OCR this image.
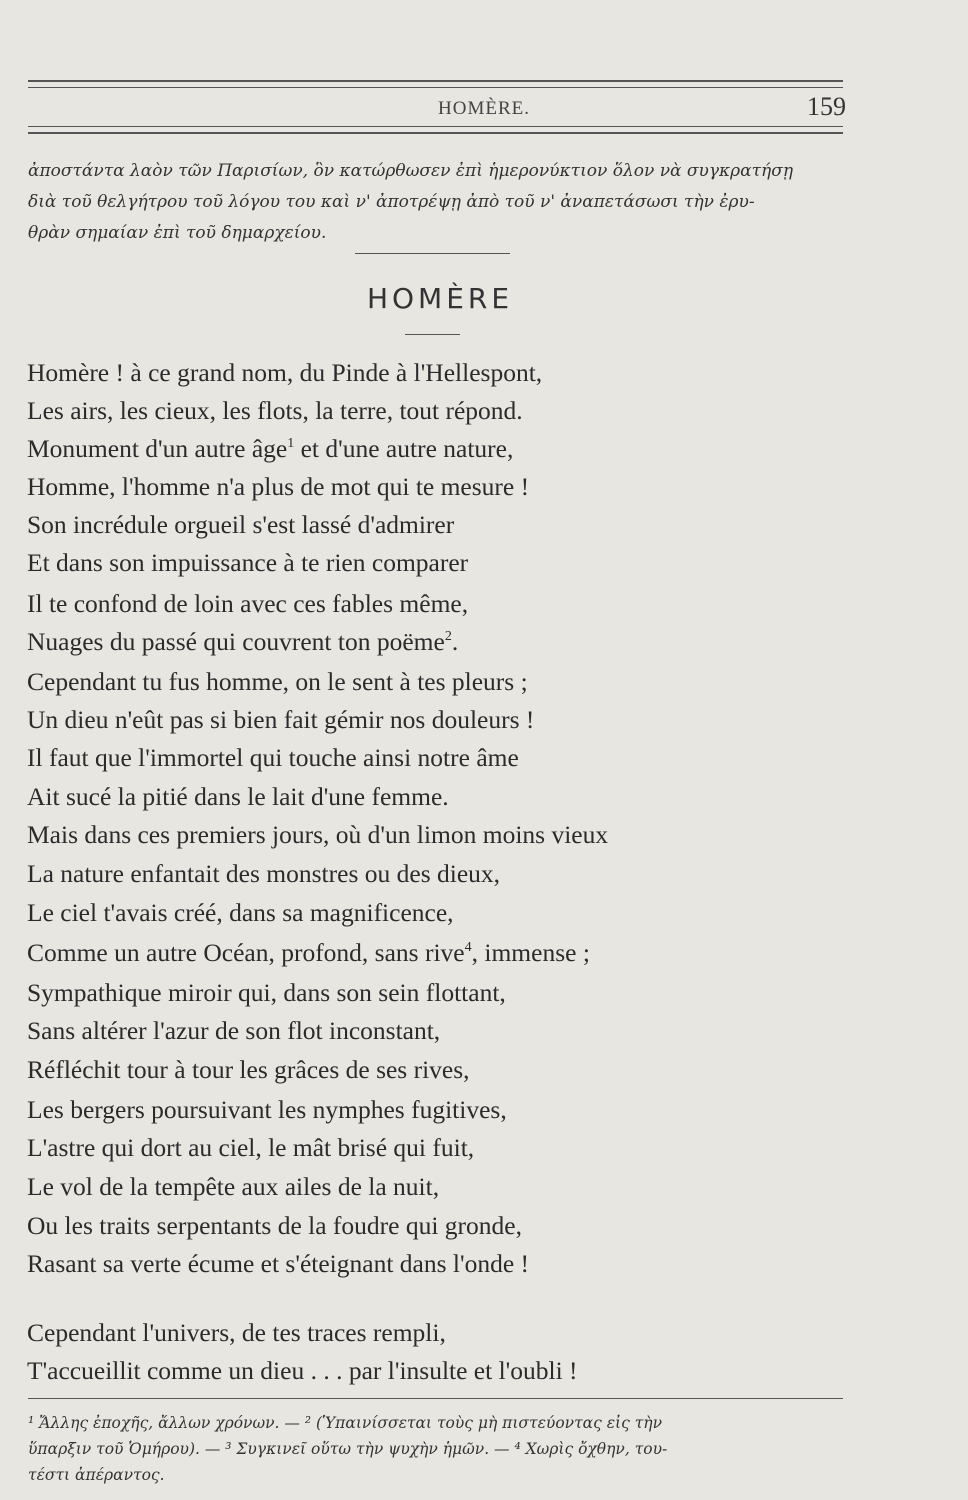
HOMÈRE.	159
ἀποστάντα λαὸν τῶν Παρισίων, ὃν κατώρθωσεν ἐπὶ ἡμερονύκτιον ὅλον νὰ συγκρατήσῃ
διὰ τοῦ θελγήτρου τοῦ λόγου του καὶ ν' ἀποτρέψῃ ἀπὸ τοῦ ν' ἀναπετάσωσι τὴν ἐρυ-
θρὰν σημαίαν ἐπὶ τοῦ δημαρχείου.
HOMÈRE
Homère ! à ce grand nom, du Pinde à l'Hellespont,
Les airs, les cieux, les flots, la terre, tout répond.
Monument d'un autre âge$^1$ et d'une autre nature,
Homme, l'homme n'a plus de mot qui te mesure !
Son incrédule orgueil s'est lassé d'admirer
Et dans son impuissance à te rien comparer
Il te confond de loin avec ces fables même,
Nuages du passé qui couvrent ton poëme$^2$.
Cependant tu fus homme, on le sent à tes pleurs ;
Un dieu n'eût pas si bien fait gémir nos douleurs !
Il faut que l'immortel qui touche ainsi notre âme
Ait sucé la pitié dans le lait d'une femme.
Mais dans ces premiers jours, où d'un limon moins vieux
La nature enfantait des monstres ou des dieux,
Le ciel t'avais créé, dans sa magnificence,
Comme un autre Océan, profond, sans rive$^4$, immense ;
Sympathique miroir qui, dans son sein flottant,
Sans altérer l'azur de son flot inconstant,
Réfléchit tour à tour les grâces de ses rives,
Les bergers poursuivant les nymphes fugitives,
L'astre qui dort au ciel, le mât brisé qui fuit,
Le vol de la tempête aux ailes de la nuit,
Ou les traits serpentants de la foudre qui gronde,
Rasant sa verte écume et s'éteignant dans l'onde !
Cependant l'univers, de tes traces rempli,
T'accueillit comme un dieu . . . par l'insulte et l'oubli !
¹ Ἄλλης ἐποχῆς, ἄλλων χρόνων. — ² (Ὑπαινίσσεται τοὺς μὴ πιστεύοντας εἰς τὴν
ὕπαρξιν τοῦ Ὁμήρου). — ³ Συγκινεῖ οὕτω τὴν ψυχὴν ἡμῶν. — ⁴ Χωρὶς ὄχθην, του-
τέστι ἀπέραντος.
